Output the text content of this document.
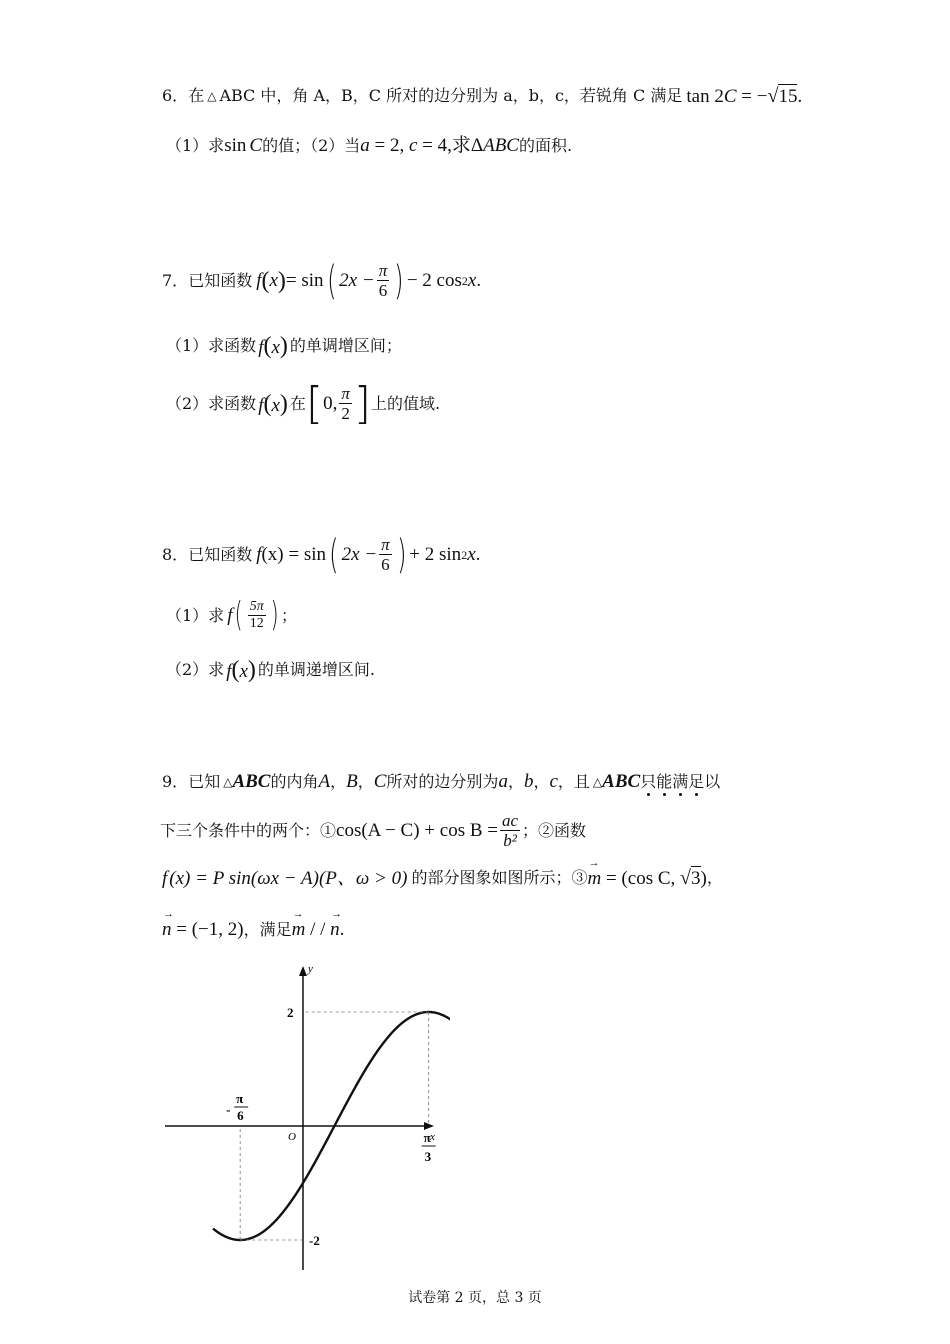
6． 在 △ ABC 中，角 A，B，C 所对的边分别为 a，b，c，若锐角 C 满足 tan 2C = −√15.
（1）求 sin C 的值；（2）当 a = 2, c = 4, 求ΔABC 的面积.
7． 已知函数 f ( x ) = sin ( $2x - \frac{\pi}{6}$ ) − 2 cos 2 x .
（1）求函数 f(x) 的单调增区间；
（2）求函数 f(x) 在 [ 0, $\frac{\pi}{2}$ ] 上的值域.
8． 已知函数 f (x) = sin ( $2x - \frac{\pi}{6}$ ) + 2 sin 2 x .
（1）求 f ( $\frac{5\pi}{12}$ ) ；
（2）求 f(x) 的单调递增区间.
9． 已知 △ ABC 的内角 A ， B ， C 所对的边分别为 a ， b ， c ，且 △ ABC 只能满足 以
下三个条件中的两个：① $\cos(A - C) + \cos B = \frac{ac}{\text{b²}}$ ；②函数
f (x) = P sin(ωx − A)(P、ω > 0) 的部分图象如图所示；③ → m = (cos C, √3) ，
→ n = (−1, 2) ，满足 → m / / → n.
x
y
O
-
π
6
π
3
2
-2
试卷第 2 页，总 3 页
